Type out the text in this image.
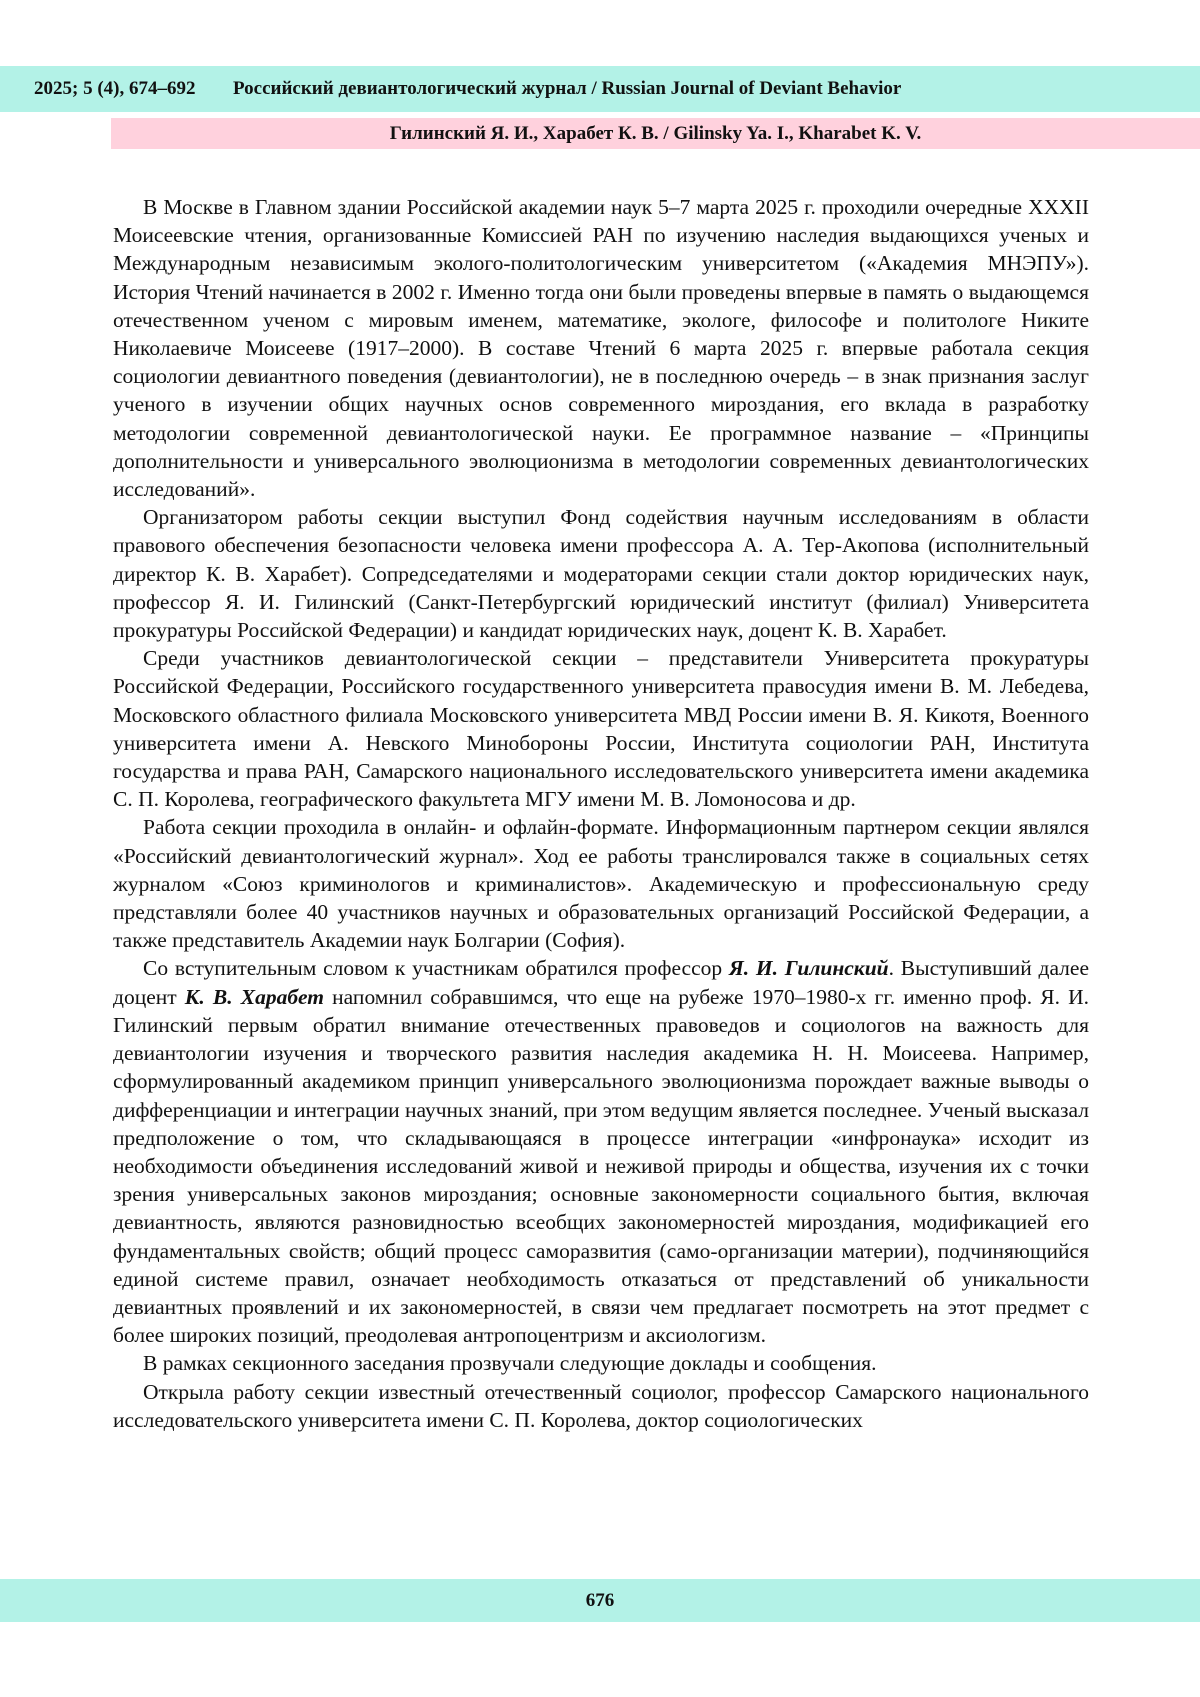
2025; 5 (4), 674–692 Российский девиантологический журнал / Russian Journal of Deviant Behavior
Гилинский Я. И., Харабет К. В. / Gilinsky Ya. I., Kharabet K. V.

В Москве в Главном здании Российской академии наук 5–7 марта 2025 г. проходили очередные XXXII Моисеевские чтения, организованные Комиссией РАН по изучению наследия выдающихся ученых и Международным независимым эколого-политологическим университетом («Академия МНЭПУ»). История Чтений начинается в 2002 г. Именно тогда они были проведены впервые в память о выдающемся отечественном ученом с мировым именем, математике, экологе, философе и политологе Никите Николаевиче Моисееве (1917–2000). В составе Чтений 6 марта 2025 г. впервые работала секция социологии девиантного поведения (девиантологии), не в последнюю очередь – в знак признания заслуг ученого в изучении общих научных основ современного мироздания, его вклада в разработку методологии современной девиантологической науки. Ее программное название – «Принципы дополнительности и универсального эволюционизма в методологии современных девиантологических исследований».

Организатором работы секции выступил Фонд содействия научным исследованиям в области правового обеспечения безопасности человека имени профессора А. А. Тер-Акопова (исполнительный директор К. В. Харабет). Сопредседателями и модераторами секции стали доктор юридических наук, профессор Я. И. Гилинский (Санкт-Петербургский юридический институт (филиал) Университета прокуратуры Российской Федерации) и кандидат юридических наук, доцент К. В. Харабет.

Среди участников девиантологической секции – представители Университета прокуратуры Российской Федерации, Российского государственного университета правосудия имени В. М. Лебедева, Московского областного филиала Московского университета МВД России имени В. Я. Кикотя, Военного университета имени А. Невского Минобороны России, Института социологии РАН, Института государства и права РАН, Самарского национального исследовательского университета имени академика С. П. Королева, географического факультета МГУ имени М. В. Ломоносова и др.

Работа секции проходила в онлайн- и офлайн-формате. Информационным партнером секции являлся «Российский девиантологический журнал». Ход ее работы транслировался также в социальных сетях журналом «Союз криминологов и криминалистов». Академическую и профессиональную среду представляли более 40 участников научных и образовательных организаций Российской Федерации, а также представитель Академии наук Болгарии (София).

Со вступительным словом к участникам обратился профессор Я. И. Гилинский. Выступивший далее доцент К. В. Харабет напомнил собравшимся, что еще на рубеже 1970–1980-х гг. именно проф. Я. И. Гилинский первым обратил внимание отечественных правоведов и социологов на важность для девиантологии изучения и творческого развития наследия академика Н. Н. Моисеева. Например, сформулированный академиком принцип универсального эволюционизма порождает важные выводы о дифференциации и интеграции научных знаний, при этом ведущим является последнее. Ученый высказал предположение о том, что складывающаяся в процессе интеграции «инфронаука» исходит из необходимости объединения исследований живой и неживой природы и общества, изучения их с точки зрения универсальных законов мироздания; основные закономерности социального бытия, включая девиантность, являются разновидностью всеобщих закономерностей мироздания, модификацией его фундаментальных свойств; общий процесс саморазвития (само-организации материи), подчиняющийся единой системе правил, означает необходимость отказаться от представлений об уникальности девиантных проявлений и их закономерностей, в связи чем предлагает посмотреть на этот предмет с более широких позиций, преодолевая антропоцентризм и аксиологизм.

В рамках секционного заседания прозвучали следующие доклады и сообщения.

Открыла работу секции известный отечественный социолог, профессор Самарского национального исследовательского университета имени С. П. Королева, доктор социологических

676
